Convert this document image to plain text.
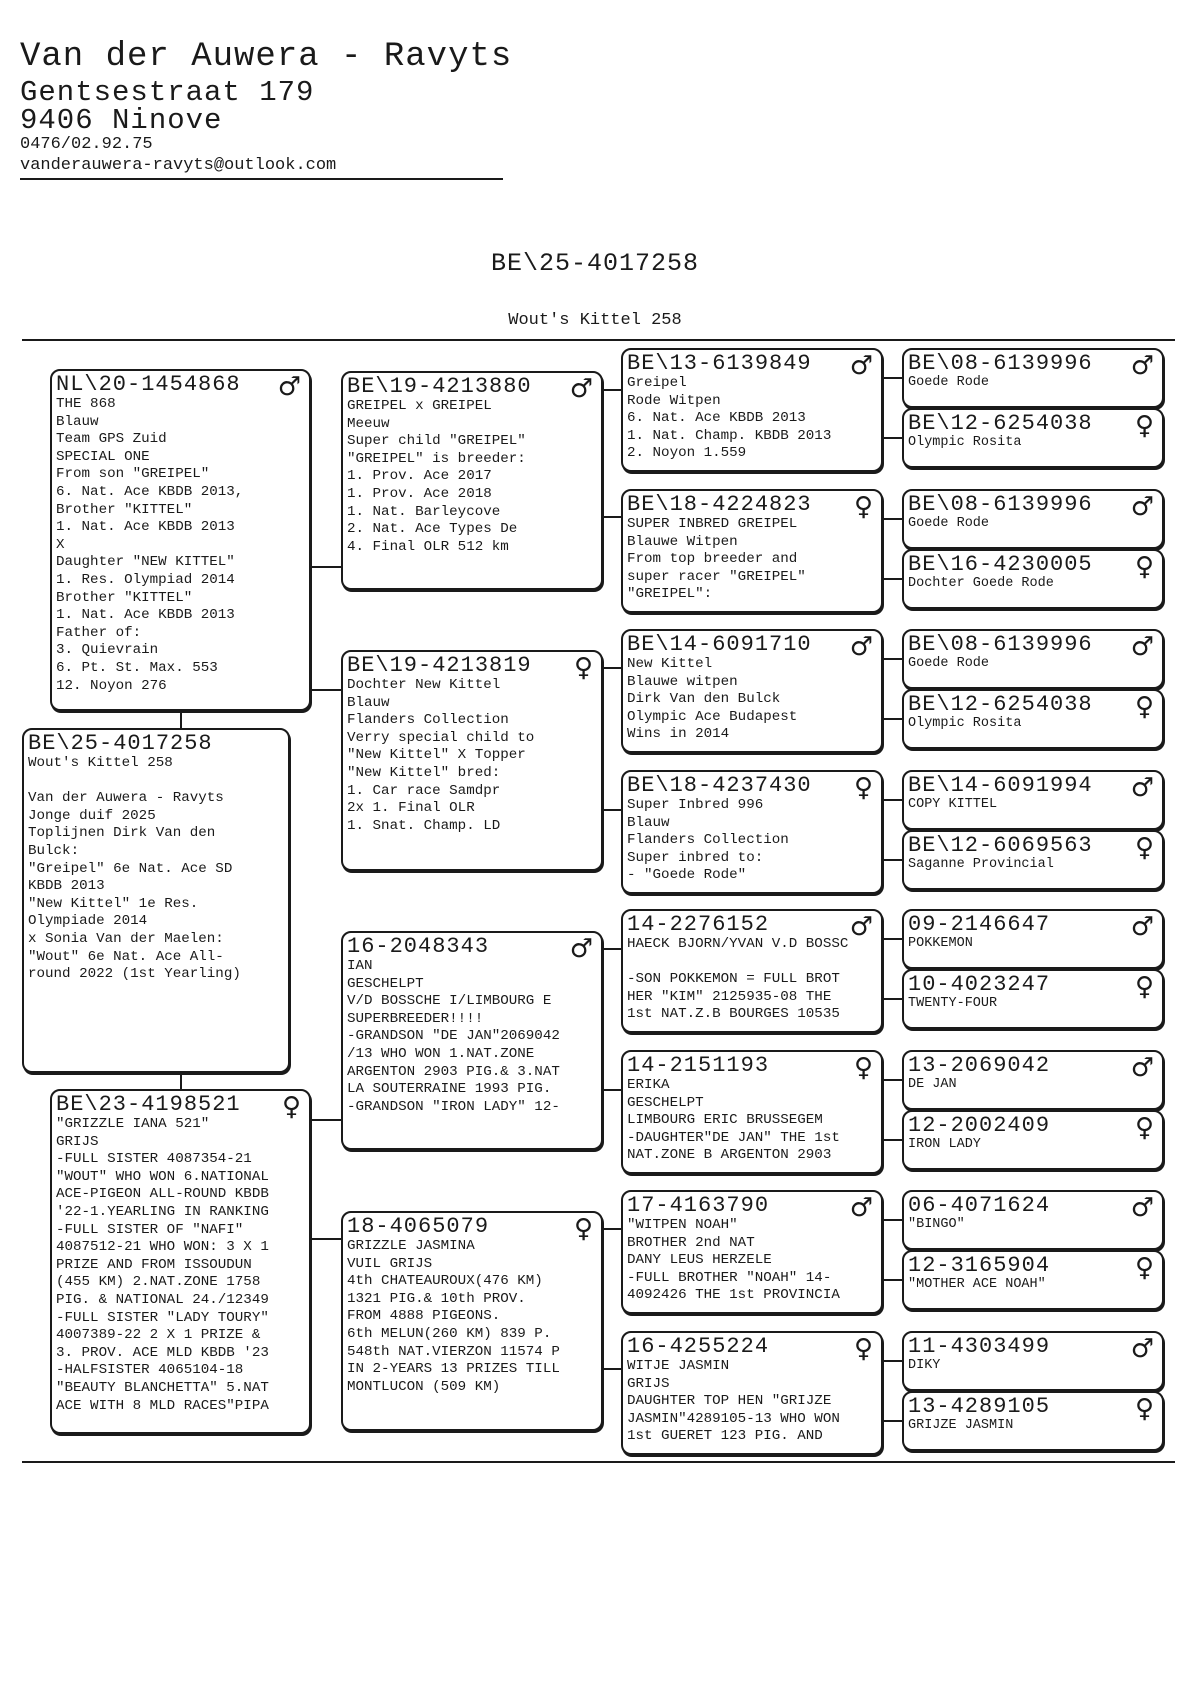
Van der Auwera - Ravyts
Gentsestraat 179
9406 Ninove
0476/02.92.75
vanderauwera-ravyts@outlook.com
BE\25-4017258
Wout's Kittel 258
BE\25-4017258
Wout's Kittel 258

Van der Auwera - Ravyts
Jonge duif 2025
Toplijnen Dirk Van den
Bulck:
"Greipel" 6e Nat. Ace SD
KBDB 2013
"New Kittel" 1e Res.
Olympiade 2014
x Sonia Van der Maelen:
"Wout" 6e Nat. Ace All-
round 2022 (1st Yearling)
NL\20-1454868	♂
THE 868
Blauw
Team GPS Zuid
SPECIAL ONE
From son "GREIPEL"
6. Nat. Ace KBDB 2013,
Brother "KITTEL"
1. Nat. Ace KBDB 2013
X
Daughter "NEW KITTEL"
1. Res. Olympiad 2014
Brother "KITTEL"
1. Nat. Ace KBDB 2013
Father of:
3. Quievrain
6. Pt. St. Max. 553
12. Noyon 276
BE\23-4198521	♀
"GRIZZLE IANA 521"
GRIJS
-FULL SISTER 4087354-21
"WOUT" WHO WON 6.NATIONAL
ACE-PIGEON ALL-ROUND KBDB
'22-1.YEARLING IN RANKING
-FULL SISTER OF "NAFI"
4087512-21 WHO WON: 3 X 1
PRIZE AND FROM ISSOUDUN
(455 KM) 2.NAT.ZONE 1758
PIG. & NATIONAL 24./12349
-FULL SISTER "LADY TOURY"
4007389-22 2 X 1 PRIZE &
3. PROV. ACE MLD KBDB '23
-HALFSISTER 4065104-18
"BEAUTY BLANCHETTA" 5.NAT
ACE WITH 8 MLD RACES"PIPA
BE\19-4213880	♂
GREIPEL x GREIPEL
Meeuw
Super child "GREIPEL"
"GREIPEL" is breeder:
1. Prov. Ace 2017
1. Prov. Ace 2018
1. Nat. Barleycove
2. Nat. Ace Types De
4. Final OLR 512 km
BE\19-4213819	♀
Dochter New Kittel
Blauw
Flanders Collection
Verry special child to
"New Kittel" X Topper
"New Kittel" bred:
1. Car race Samdpr
2x 1. Final OLR
1. Snat. Champ. LD
16-2048343	♂
IAN
GESCHELPT
V/D BOSSCHE I/LIMBOURG E
SUPERBREEDER!!!!
-GRANDSON "DE JAN"2069042
/13 WHO WON 1.NAT.ZONE
ARGENTON 2903 PIG.& 3.NAT
LA SOUTERRAINE 1993 PIG.
-GRANDSON "IRON LADY" 12-
18-4065079	♀
GRIZZLE JASMINA
VUIL GRIJS
4th CHATEAUROUX(476 KM)
1321 PIG.& 10th PROV.
FROM 4888 PIGEONS.
6th MELUN(260 KM) 839 P.
548th NAT.VIERZON 11574 P
IN 2-YEARS 13 PRIZES TILL
MONTLUCON (509 KM)
BE\13-6139849	♂
Greipel
Rode Witpen
6. Nat. Ace KBDB 2013
1. Nat. Champ. KBDB 2013
2. Noyon 1.559
BE\18-4224823	♀
SUPER INBRED GREIPEL
Blauwe Witpen
From top breeder and
super racer "GREIPEL"
"GREIPEL":
BE\14-6091710	♂
New Kittel
Blauwe witpen
Dirk Van den Bulck
Olympic Ace Budapest
Wins in 2014
BE\18-4237430	♀
Super Inbred 996
Blauw
Flanders Collection
Super inbred to:
- "Goede Rode"
14-2276152	♂
HAECK BJORN/YVAN V.D BOSSC

-SON POKKEMON = FULL BROT
HER "KIM" 2125935-08 THE
1st NAT.Z.B BOURGES 10535
14-2151193	♀
ERIKA
GESCHELPT
LIMBOURG ERIC BRUSSEGEM
-DAUGHTER"DE JAN" THE 1st
NAT.ZONE B ARGENTON 2903
17-4163790	♂
"WITPEN NOAH"
BROTHER 2nd NAT
DANY LEUS HERZELE
-FULL BROTHER "NOAH" 14-
4092426 THE 1st PROVINCIA
16-4255224	♀
WITJE JASMIN
GRIJS
DAUGHTER TOP HEN "GRIJZE
JASMIN"4289105-13 WHO WON
1st GUERET 123 PIG. AND
BE\08-6139996	♂
Goede Rode
BE\12-6254038	♀
Olympic Rosita
BE\08-6139996	♂
Goede Rode
BE\16-4230005	♀
Dochter Goede Rode
BE\08-6139996	♂
Goede Rode
BE\12-6254038	♀
Olympic Rosita
BE\14-6091994	♂
COPY KITTEL
BE\12-6069563	♀
Saganne Provincial
09-2146647	♂
POKKEMON
10-4023247	♀
TWENTY-FOUR
13-2069042	♂
DE JAN
12-2002409	♀
IRON LADY
06-4071624	♂
"BINGO"
12-3165904	♀
"MOTHER ACE NOAH"
11-4303499	♂
DIKY
13-4289105	♀
GRIJZE JASMIN
